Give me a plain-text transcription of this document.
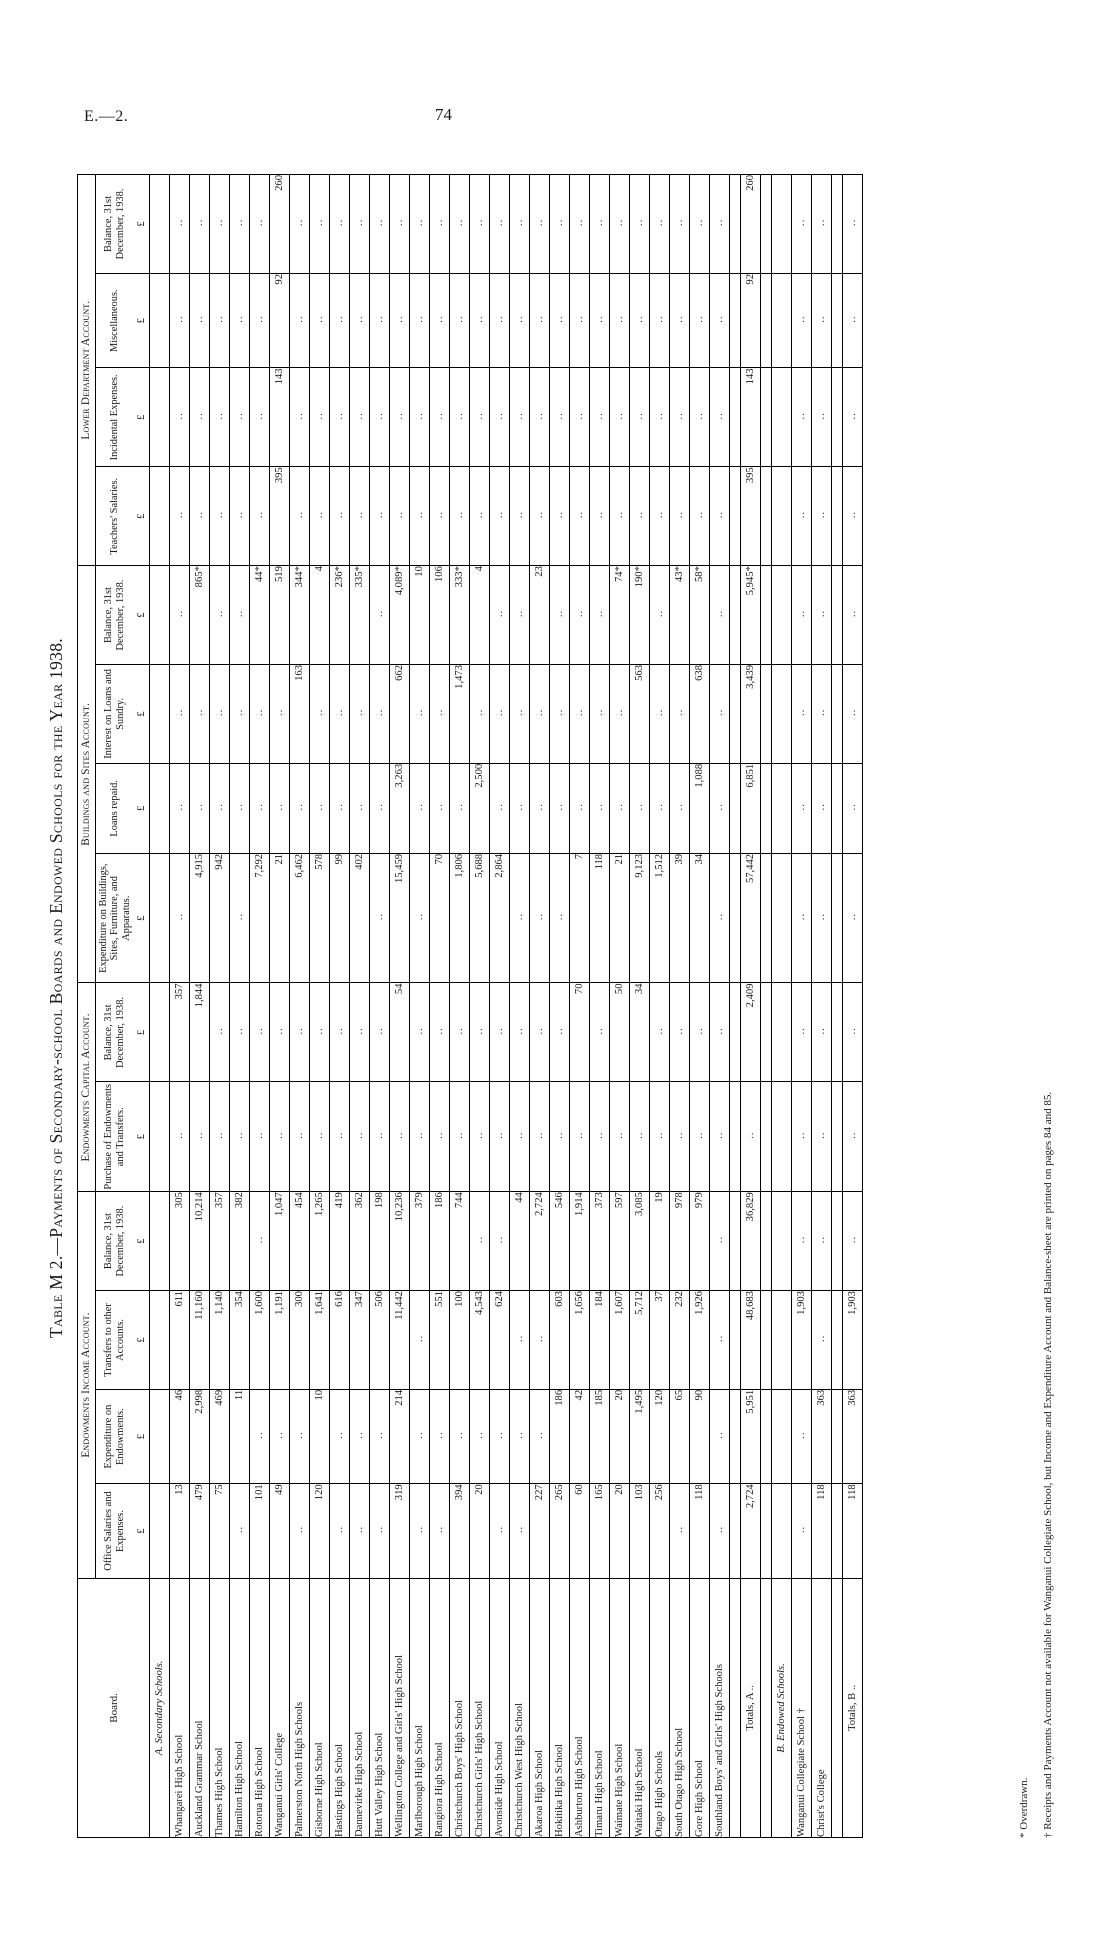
E.—2.	74
Table M 2.—Payments of Secondary-school Boards and Endowed Schools for the Year 1938.
Board.	Endowments Income Account.				Endowments Capital Account.		Buildings and Sites Account.				Lower Department Account.			
	Office Salaries and Expenses.	Expenditure on Endowments.	Transfers to other Accounts.	Balance, 31st December, 1938.	Purchase of Endowments and Transfers.	Balance, 31st December, 1938.	Expenditure on Buildings, Sites, Furniture, and Apparatus.	Loans repaid.	Interest on Loans and Sundry.	Balance, 31st December, 1938.	Teachers' Salaries.	Incidental Expenses.	Miscellaneous.	Balance, 31st December, 1938.
	£	£	£	£	£	£	£	£	£	£	£	£	£	£
A. Secondary Schools.														
Whangarei High School	13	46	611	305	 ..	357	 ..	 ..	 ..	 ..	 ..	 ..	 ..	 ..
Auckland Grammar School	479	2,998	11,160	10,214	 ..	1,844	4,915	 ..	 ..	865*	 ..	 ..	 ..	 ..
Thames High School	75	469	1,140	357	 ..	 ..	942	 ..	 ..	 ..	 ..	 ..	 ..	 ..
Hamilton High School	 ..	11	354	382	 ..	 ..	 ..	 ..	 ..	 ..	 ..	 ..	 ..	 ..
Rotorua High School	101	 ..	1,600	 ..	 ..	 ..	7,292	 ..	 ..	44*	 ..	 ..	 ..	 ..
Wanganui Girls' College	49	 ..	1,191	1,047	 ..	 ..	21	 ..	 ..	519	395	143	92	260
Palmerston North High Schools	 ..	 ..	300	454	 ..	 ..	6,462	 ..	163	344*	 ..	 ..	 ..	 ..
Gisborne High School	120	10	1,641	1,265	 ..	 ..	578	 ..	 ..	4	 ..	 ..	 ..	 ..
Hastings High School	 ..	 ..	616	419	 ..	 ..	99	 ..	 ..	236*	 ..	 ..	 ..	 ..
Dannevirke High School	 ..	 ..	347	362	 ..	 ..	402	 ..	 ..	335*	 ..	 ..	 ..	 ..
Hutt Valley High School	 ..	 ..	506	198	 ..	 ..	 ..	 ..	 ..	 ..	 ..	 ..	 ..	 ..
Wellington College and Girls' High School	319	214	11,442	10,236	 ..	54	15,459	3,263	662	4,089*	 ..	 ..	 ..	 ..
Marlborough High School	 ..	 ..	 ..	379	 ..	 ..	 ..	 ..	 ..	10	 ..	 ..	 ..	 ..
Rangiora High School	 ..	 ..	551	186	 ..	 ..	70	 ..	 ..	106	 ..	 ..	 ..	 ..
Christchurch Boys' High School	394	 ..	100	744	 ..	 ..	1,806	 ..	1,473	333*	 ..	 ..	 ..	 ..
Christchurch Girls' High School	20	 ..	4,543	 ..	 ..	 ..	5,688	2,500	 ..	4	 ..	 ..	 ..	 ..
Avonside High School	 ..	 ..	624	 ..	 ..	 ..	2,864	 ..	 ..	 ..	 ..	 ..	 ..	 ..
Christchurch West High School	 ..	 ..	 ..	44	 ..	 ..	 ..	 ..	 ..	 ..	 ..	 ..	 ..	 ..
Akaroa High School	227	 ..	 ..	2,724	 ..	 ..	 ..	 ..	 ..	23	 ..	 ..	 ..	 ..
Hokitika High School	265	186	603	546	 ..	 ..	 ..	 ..	 ..	 ..	 ..	 ..	 ..	 ..
Ashburton High School	60	42	1,656	1,914	 ..	70	7	 ..	 ..	 ..	 ..	 ..	 ..	 ..
Timaru High School	165	185	184	373	 ..	 ..	118	 ..	 ..	 ..	 ..	 ..	 ..	 ..
Waimate High School	20	20	1,607	597	 ..	50	21	 ..	 ..	74*	 ..	 ..	 ..	 ..
Waitaki High School	103	1,495	5,712	3,085	 ..	34	9,123	 ..	563	190*	 ..	 ..	 ..	 ..
Otago High Schools	256	120	37	19	 ..	 ..	1,512	 ..	 ..	 ..	 ..	 ..	 ..	 ..
South Otago High School	 ..	65	232	978	 ..	 ..	39	 ..	 ..	43*	 ..	 ..	 ..	 ..
Gore High School	118	90	1,926	979	 ..	 ..	34	1,088	638	58*	 ..	 ..	 ..	 ..
Southland Boys' and Girls' High Schools	 ..	 ..	 ..	 ..	 ..	 ..	 ..	 ..	 ..	 ..	 ..	 ..	 ..	 ..

Totals, A ..	2,724	5,951	48,683	36,829	 ..	2,409	57,442	6,851	3,439	5,945*	395	143	92	260

B. Endowed Schools.														
Wanganui Collegiate School †	 ..	 ..	1,903	 ..	 ..	 ..	 ..	 ..	 ..	 ..	 ..	 ..	 ..	 ..
Christ's College	118	363	 ..	 ..	 ..	 ..	 ..	 ..	 ..	 ..	 ..	 ..	 ..	 ..

Totals, B ..	118	363	1,903	 ..	 ..	 ..	 ..	 ..	 ..	 ..	 ..	 ..	 ..	 ..
* Overdrawn. † Receipts and Payments Account not available for Wanganui Collegiate School, but Income and Expenditure Account and Balance-sheet are printed on pages 84 and 85.
